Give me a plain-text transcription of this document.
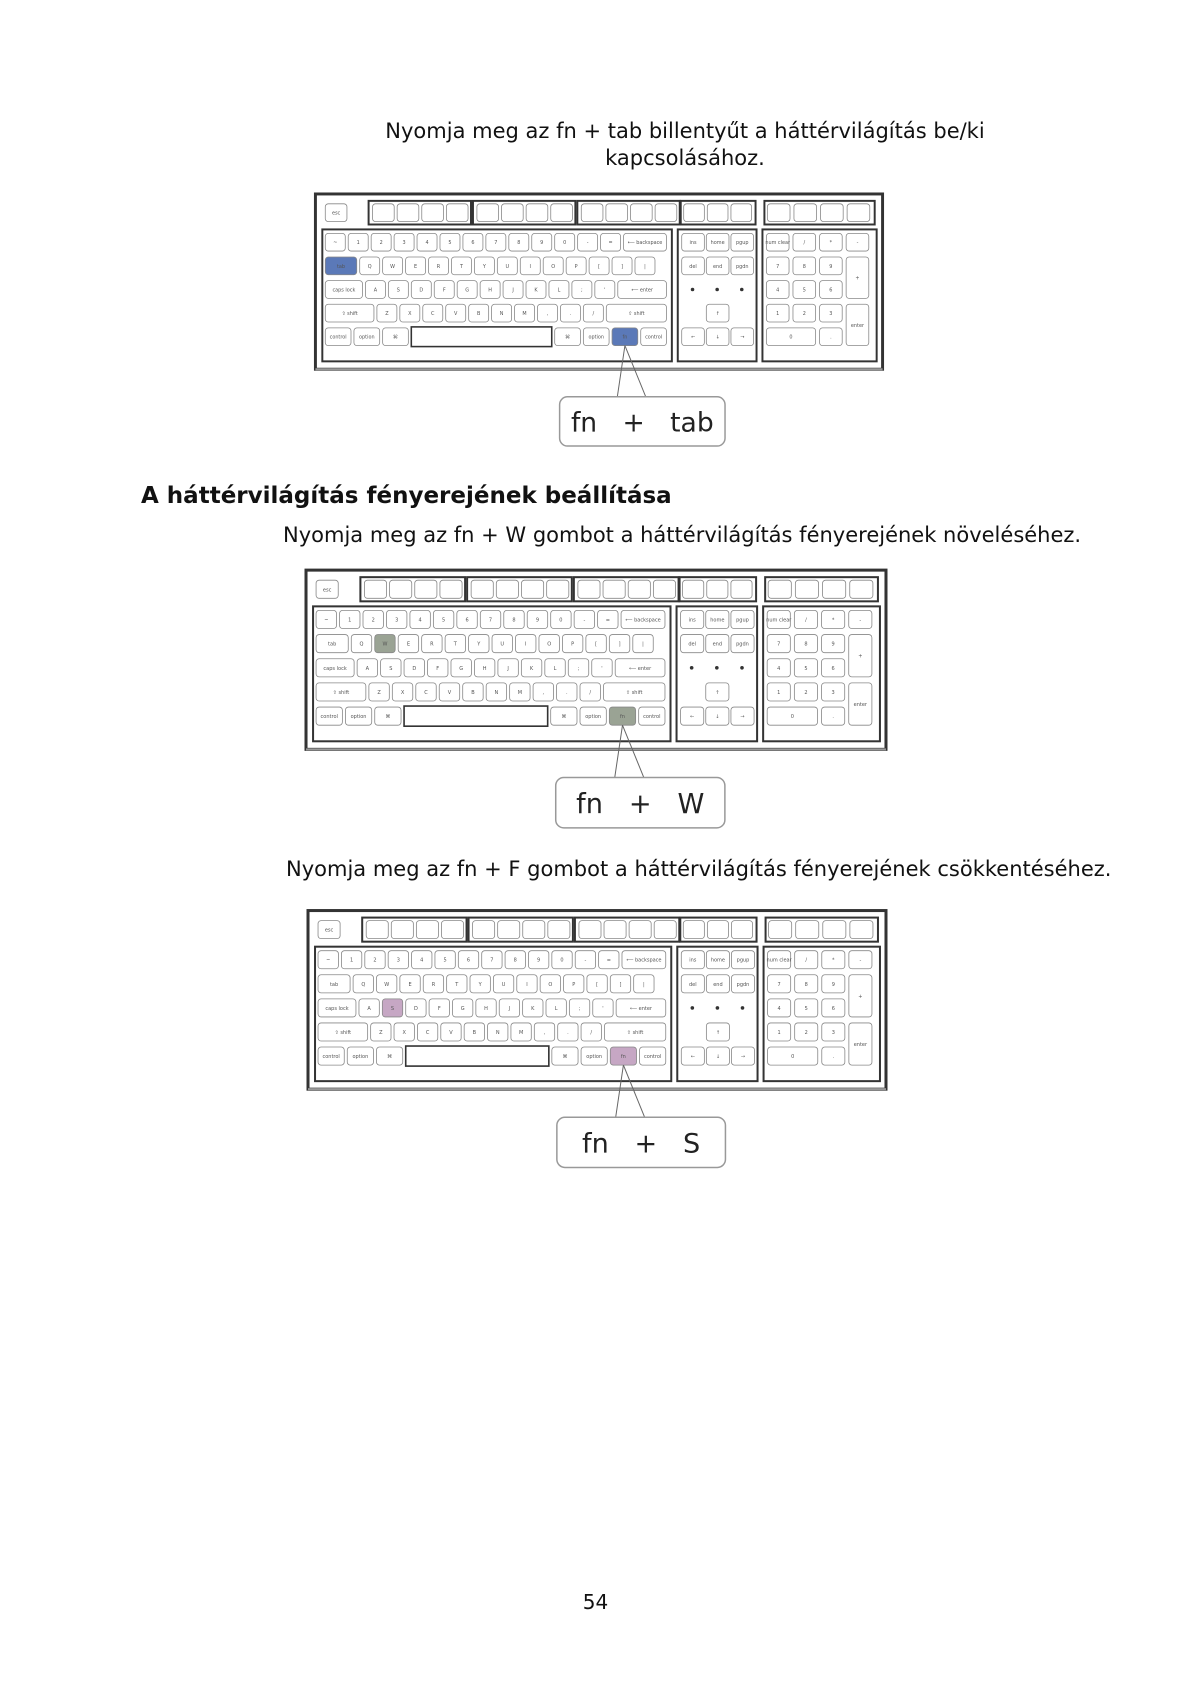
Nyomja meg az fn + tab billentyűt a háttérvilágítás be/ki
kapcsolásához.
esc
~	1	2	3	4	5	6	7	8	9	0	-	=	⟵ backspace
tab	Q	W	E	R	T	Y	U	I	O	P	[	]	|
caps lock	A	S	D	F	G	H	J	K	L	;	'	⟵ enter
⇧ shift	Z	X	C	V	B	N	M	,	.	/	⇧ shift
control option	⌘	⌘	option	fn	control
ins	home pgup
del	end	pgdn
↑
←	↓	→
num clear	/	*	-
7	8	9
+
4	5	6
1	2	3
enter
0	.
fn   +   tab
A háttérvilágítás fényerejének beállítása
Nyomja meg az fn + W gombot a háttérvilágítás fényerejének növeléséhez.
esc
~	1	2	3	4	5	6	7	8	9	0	-	=	⟵ backspace
tab	Q	W	E	R	T	Y	U	I	O	P	[	]	|
caps lock	A	S	D	F	G	H	J	K	L	;	'	⟵ enter
⇧ shift	Z	X	C	V	B	N	M	,	.	/	⇧ shift
control	option	⌘	⌘	option	fn	control
ins	home pgup
del	end	pgdn
↑
←	↓	→
num clear	/	*	-
7	8	9
+
4	5	6
1	2	3
enter
0	.
fn   +   W
Nyomja meg az fn + F gombot a háttérvilágítás fényerejének csökkentéséhez.
esc
~	1	2	3	4	5	6	7	8	9	0	-	=	⟵ backspace
tab	Q	W	E	R	T	Y	U	I	O	P	[	]	|
caps lock	A	S	D	F	G	H	J	K	L	;	'	⟵ enter
⇧ shift	Z	X	C	V	B	N	M	,	.	/	⇧ shift
control	option	⌘	⌘	option	fn	control
ins	home pgup
del	end	pgdn
↑
←	↓	→
num clear	/	*	-
7	8	9
+
4	5	6
1	2	3
enter
0	.
fn   +   S
54
